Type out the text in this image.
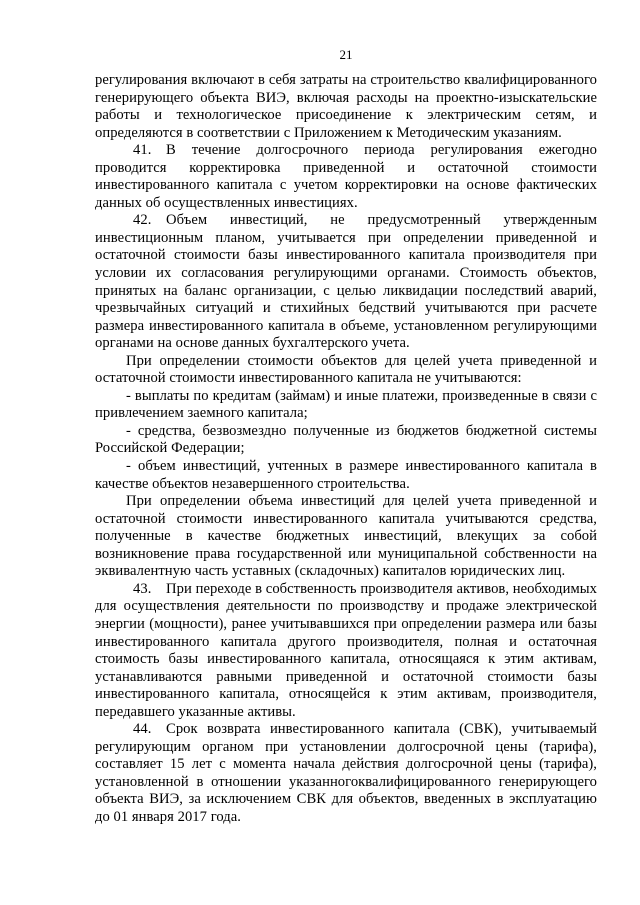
21

регулирования включают в себя затраты на строительство квалифицированного генерирующего объекта ВИЭ, включая расходы на проектно-изыскательские работы и технологическое присоединение к электрическим сетям, и определяются в соответствии с Приложением к Методическим указаниям.

41. В течение долгосрочного периода регулирования ежегодно проводится корректировка приведенной и остаточной стоимости инвестированного капитала с учетом корректировки на основе фактических данных об осуществленных инвестициях.

42. Объем инвестиций, не предусмотренный утвержденным инвестиционным планом, учитывается при определении приведенной и остаточной стоимости базы инвестированного капитала производителя при условии их согласования регулирующими органами. Стоимость объектов, принятых на баланс организации, с целью ликвидации последствий аварий, чрезвычайных ситуаций и стихийных бедствий учитываются при расчете размера инвестированного капитала в объеме, установленном регулирующими органами на основе данных бухгалтерского учета.

При определении стоимости объектов для целей учета приведенной и остаточной стоимости инвестированного капитала не учитываются:

- выплаты по кредитам (займам) и иные платежи, произведенные в связи с привлечением заемного капитала;

- средства, безвозмездно полученные из бюджетов бюджетной системы Российской Федерации;

- объем инвестиций, учтенных в размере инвестированного капитала в качестве объектов незавершенного строительства.

При определении объема инвестиций для целей учета приведенной и остаточной стоимости инвестированного капитала учитываются средства, полученные в качестве бюджетных инвестиций, влекущих за собой возникновение права государственной или муниципальной собственности на эквивалентную часть уставных (складочных) капиталов юридических лиц.

43. При переходе в собственность производителя активов, необходимых для осуществления деятельности по производству и продаже электрической энергии (мощности), ранее учитывавшихся при определении размера или базы инвестированного капитала другого производителя, полная и остаточная стоимость базы инвестированного капитала, относящаяся к этим активам, устанавливаются равными приведенной и остаточной стоимости базы инвестированного капитала, относящейся к этим активам, производителя, передавшего указанные активы.

44. Срок возврата инвестированного капитала (СВК), учитываемый регулирующим органом при установлении долгосрочной цены (тарифа), составляет 15 лет с момента начала действия долгосрочной цены (тарифа), установленной в отношении указанногоквалифицированного генерирующего объекта ВИЭ, за исключением СВК для объектов, введенных в эксплуатацию до 01 января 2017 года.
